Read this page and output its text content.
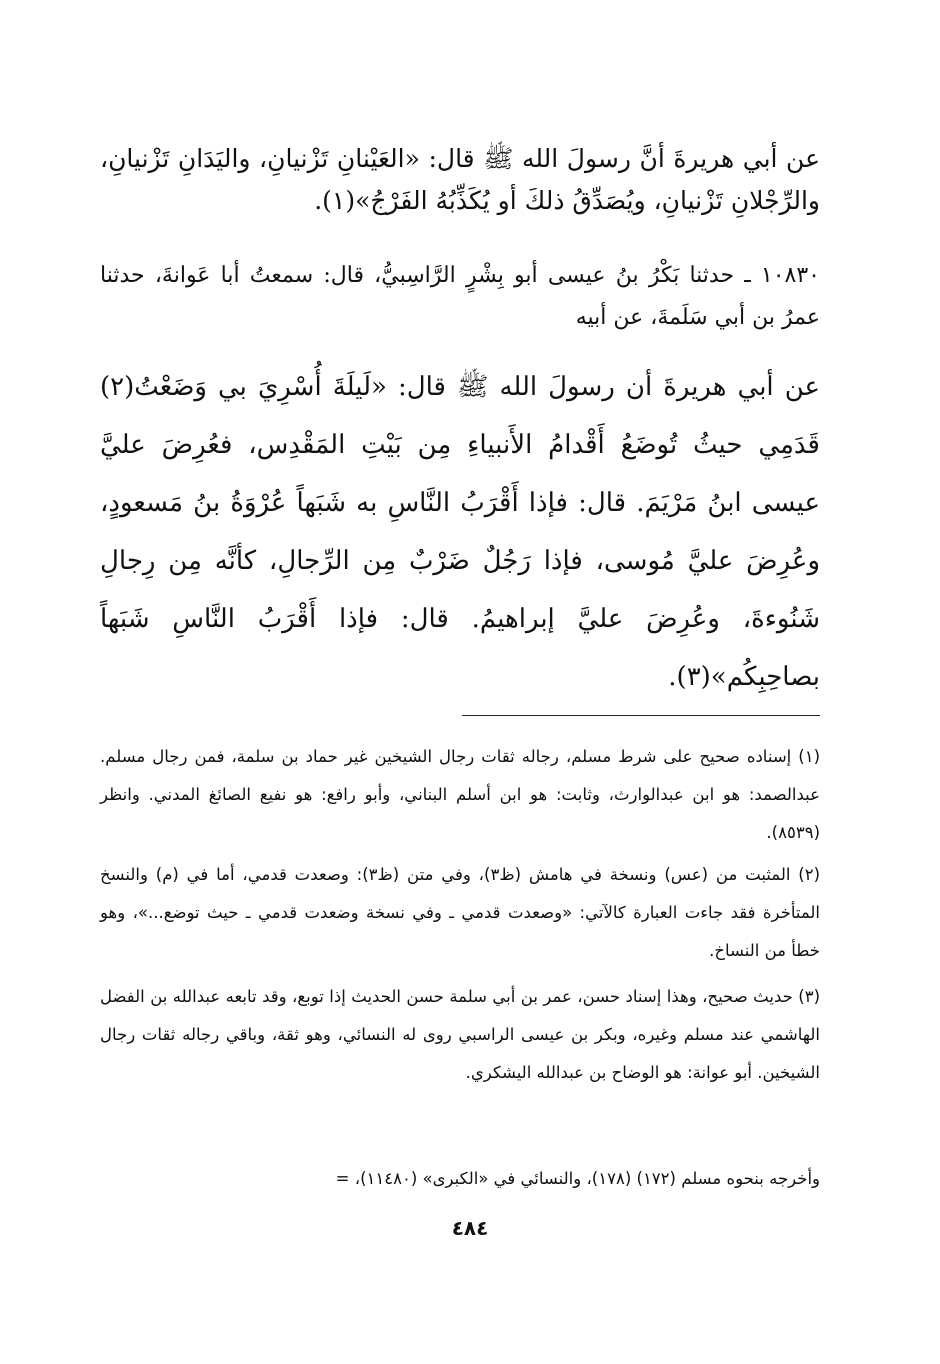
عن أبي هريرةَ أنَّ رسولَ الله ﷺ قال: «العَيْنانِ تَزْنيانِ، واليَدَانِ تَزْنيانِ، والرِّجْلانِ تَزْنيانِ، ويُصَدِّقُ ذلكَ أو يُكَذِّبُهُ الفَرْجُ»(١).

١٠٨٣٠ ـ حدثنا بَكْرُ بنُ عيسى أبو بِشْرٍ الرَّاسِبيُّ، قال: سمعتُ أبا عَوانةَ، حدثنا عمرُ بن أبي سَلَمةَ، عن أبيه

عن أبي هريرةَ أن رسولَ الله ﷺ قال: «لَيلَةَ أُسْرِيَ بي وَضَعْتُ(٢) قَدَمِي حيثُ تُوضَعُ أَقْدامُ الأَنبياءِ مِن بَيْتِ المَقْدِس، فعُرِضَ عليَّ عيسى ابنُ مَرْيَمَ. قال: فإذا أَقْرَبُ النَّاسِ به شَبَهاً عُرْوَةُ بنُ مَسعودٍ، وعُرِضَ عليَّ مُوسى، فإذا رَجُلٌ ضَرْبٌ مِن الرِّجالِ، كأنَّه مِن رِجالِ شَنُوءةَ، وعُرِضَ عليَّ إبراهيمُ. قال: فإذا أَقْرَبُ النَّاسِ شَبَهاً بصاحِبِكُم»(٣).

(١) إسناده صحيح على شرط مسلم، رجاله ثقات رجال الشيخين غير حماد بن سلمة، فمن رجال مسلم. عبدالصمد: هو ابن عبدالوارث، وثابت: هو ابن أسلم البناني، وأبو رافع: هو نفيع الصائغ المدني. وانظر (٨٥٣٩).

(٢) المثبت من (عس) ونسخة في هامش (ظ٣)، وفي متن (ظ٣): وصعدت قدمي، أما في (م) والنسخ المتأخرة فقد جاءت العبارة كالآتي: «وصعدت قدمي ـ وفي نسخة وضعدت قدمي ـ حيث توضع...»، وهو خطأ من النساخ.

(٣) حديث صحيح، وهذا إسناد حسن، عمر بن أبي سلمة حسن الحديث إذا توبع، وقد تابعه عبدالله بن الفضل الهاشمي عند مسلم وغيره، وبكر بن عيسى الراسبي روى له النسائي، وهو ثقة، وباقي رجاله ثقات رجال الشيخين. أبو عوانة: هو الوضاح بن عبدالله اليشكري.

وأخرجه بنحوه مسلم (١٧٢) (١٧٨)، والنسائي في «الكبرى» (١١٤٨٠)، =

٤٨٤
